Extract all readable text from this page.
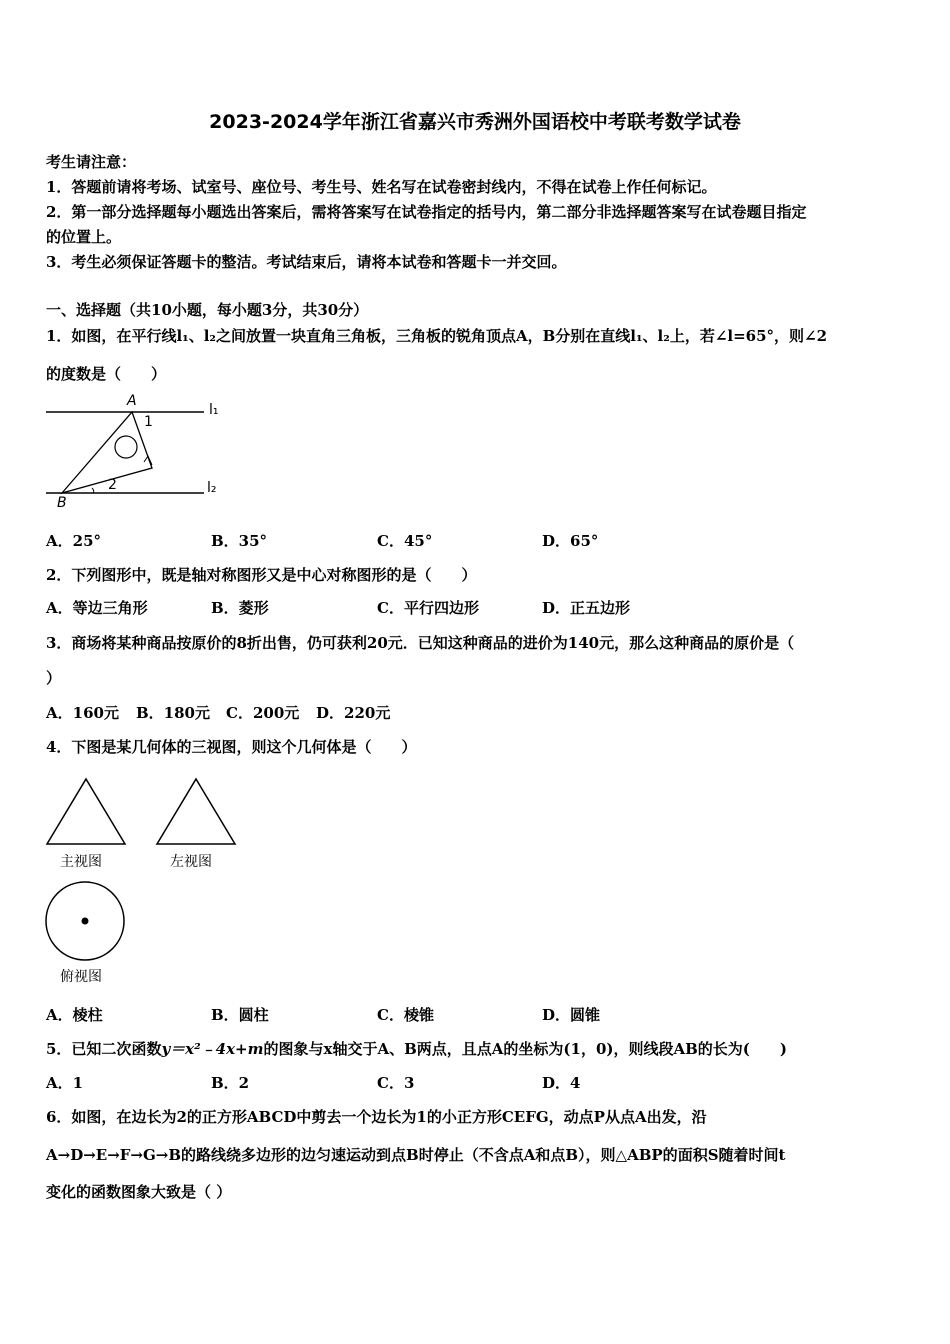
2023-2024学年浙江省嘉兴市秀洲外国语校中考联考数学试卷
考生请注意：
1．答题前请将考场、试室号、座位号、考生号、姓名写在试卷密封线内，不得在试卷上作任何标记。
2．第一部分选择题每小题选出答案后，需将答案写在试卷指定的括号内，第二部分非选择题答案写在试卷题目指定
的位置上。
3．考生必须保证答题卡的整洁。考试结束后，请将本试卷和答题卡一并交回。
一、选择题（共10小题，每小题3分，共30分）
1．如图，在平行线l₁、l₂之间放置一块直角三角板，三角板的锐角顶点A，B分别在直线l₁、l₂上，若∠l=65°，则∠2
的度数是（　　）
A
1
2
B
l₁
l₂
A．25°	B．35°	C．45°	D．65°
2．下列图形中，既是轴对称图形又是中心对称图形的是（　　）
A．等边三角形	B．菱形	C．平行四边形	D．正五边形
3．商场将某种商品按原价的8折出售，仍可获利20元．已知这种商品的进价为140元，那么这种商品的原价是（
）
A．160元 B．180元 C．200元 D．220元
4．下图是某几何体的三视图，则这个几何体是（　　）
主视图	左视图
俯视图
A．棱柱	B．圆柱	C．棱锥	D．圆锥
5．已知二次函数y＝x²﹣4x+m的图象与x轴交于A、B两点，且点A的坐标为(1，0)，则线段AB的长为(　　)
A．1	B．2	C．3	D．4
6．如图，在边长为2的正方形ABCD中剪去一个边长为1的小正方形CEFG，动点P从点A出发，沿
A→D→E→F→G→B的路线绕多边形的边匀速运动到点B时停止（不含点A和点B），则△ABP的面积S随着时间t
变化的函数图象大致是（ ）
